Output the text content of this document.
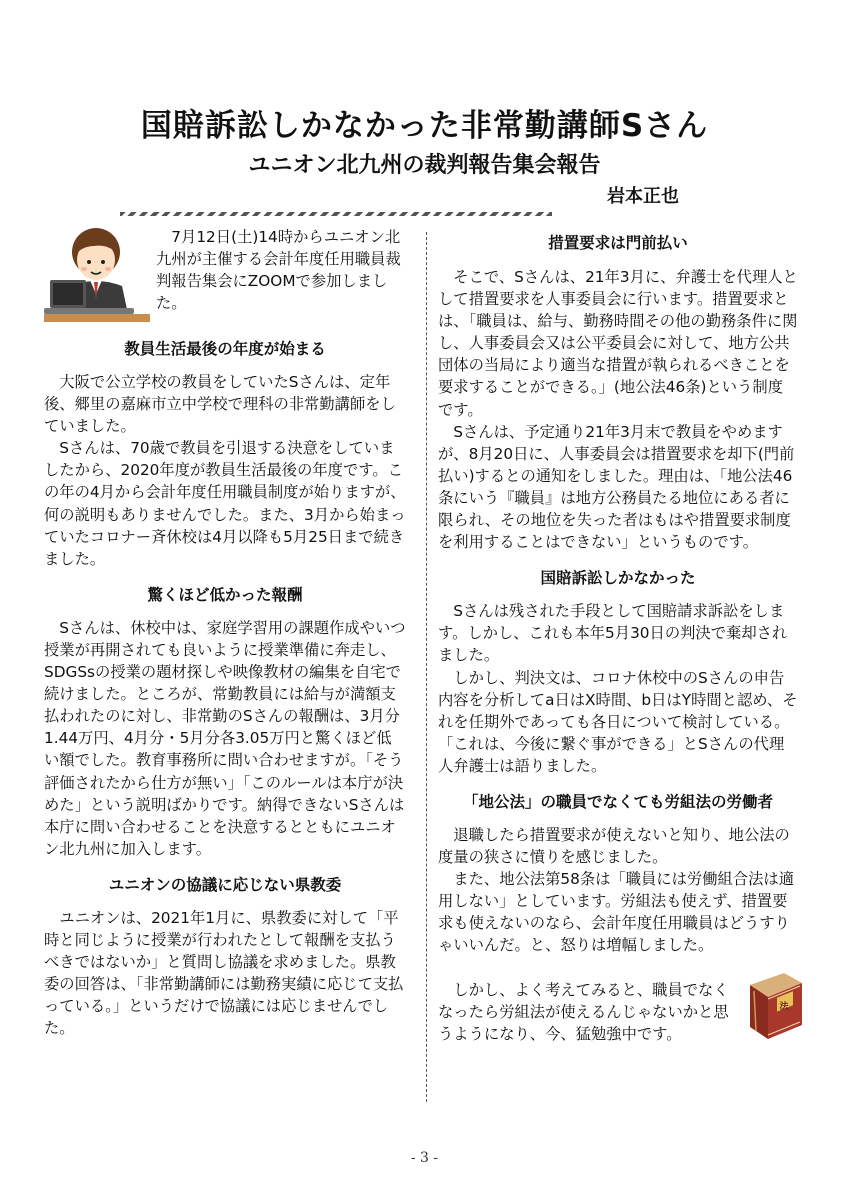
国賠訴訟しかなかった非常勤講師Sさん
ユニオン北九州の裁判報告集会報告
岩本正也

7月12日(土)14時からユニオン北九州が主催する会計年度任用職員裁判報告集会にZOOMで参加しました。

教員生活最後の年度が始まる

大阪で公立学校の教員をしていたSさんは、定年後、郷里の嘉麻市立中学校で理科の非常勤講師をしていました。

Sさんは、70歳で教員を引退する決意をしていましたから、2020年度が教員生活最後の年度です。この年の4月から会計年度任用職員制度が始りますが、何の説明もありませんでした。また、3月から始まっていたコロナー斉休校は4月以降も5月25日まで続きました。

驚くほど低かった報酬

Sさんは、休校中は、家庭学習用の課題作成やいつ授業が再開されても良いように授業準備に奔走し、SDGSsの授業の題材探しや映像教材の編集を自宅で続けました。ところが、常勤教員には給与が満額支払われたのに対し、非常勤のSさんの報酬は、3月分1.44万円、4月分・5月分各3.05万円と驚くほど低い額でした。教育事務所に問い合わせますが。「そう評価されたから仕方が無い」「このルールは本庁が決めた」という説明ばかりです。納得できないSさんは本庁に問い合わせることを決意するとともにユニオン北九州に加入します。

ユニオンの協議に応じない県教委

ユニオンは、2021年1月に、県教委に対して「平時と同じように授業が行われたとして報酬を支払うべきではないか」と質問し協議を求めました。県教委の回答は、「非常勤講師には勤務実績に応じて支払っている。」というだけで協議には応じませんでした。

措置要求は門前払い

そこで、Sさんは、21年3月に、弁護士を代理人として措置要求を人事委員会に行います。措置要求とは、「職員は、給与、勤務時間その他の勤務条件に関し、人事委員会又は公平委員会に対して、地方公共団体の当局により適当な措置が執られるべきことを要求することができる。」(地公法46条)という制度です。

Sさんは、予定通り21年3月末で教員をやめますが、8月20日に、人事委員会は措置要求を却下(門前払い)するとの通知をしました。理由は、「地公法46条にいう『職員』は地方公務員たる地位にある者に限られ、その地位を失った者はもはや措置要求制度を利用することはできない」というものです。

国賠訴訟しかなかった

Sさんは残された手段として国賠請求訴訟をします。しかし、これも本年5月30日の判決で棄却されました。

しかし、判決文は、コロナ休校中のSさんの申告内容を分析してa日はX時間、b日はY時間と認め、それを任期外であっても各日について検討している。「これは、今後に繋ぐ事ができる」とSさんの代理人弁護士は語りました。

「地公法」の職員でなくても労組法の労働者

退職したら措置要求が使えないと知り、地公法の度量の狭さに憤りを感じました。

また、地公法第58条は「職員には労働組合法は適用しない」としています。労組法も使えず、措置要求も使えないのなら、会計年度任用職員はどうすりゃいいんだ。と、怒りは増幅しました。

しかし、よく考えてみると、職員でなくなったら労組法が使えるんじゃないかと思うようになり、今、猛勉強中です。

法
- 3 -
